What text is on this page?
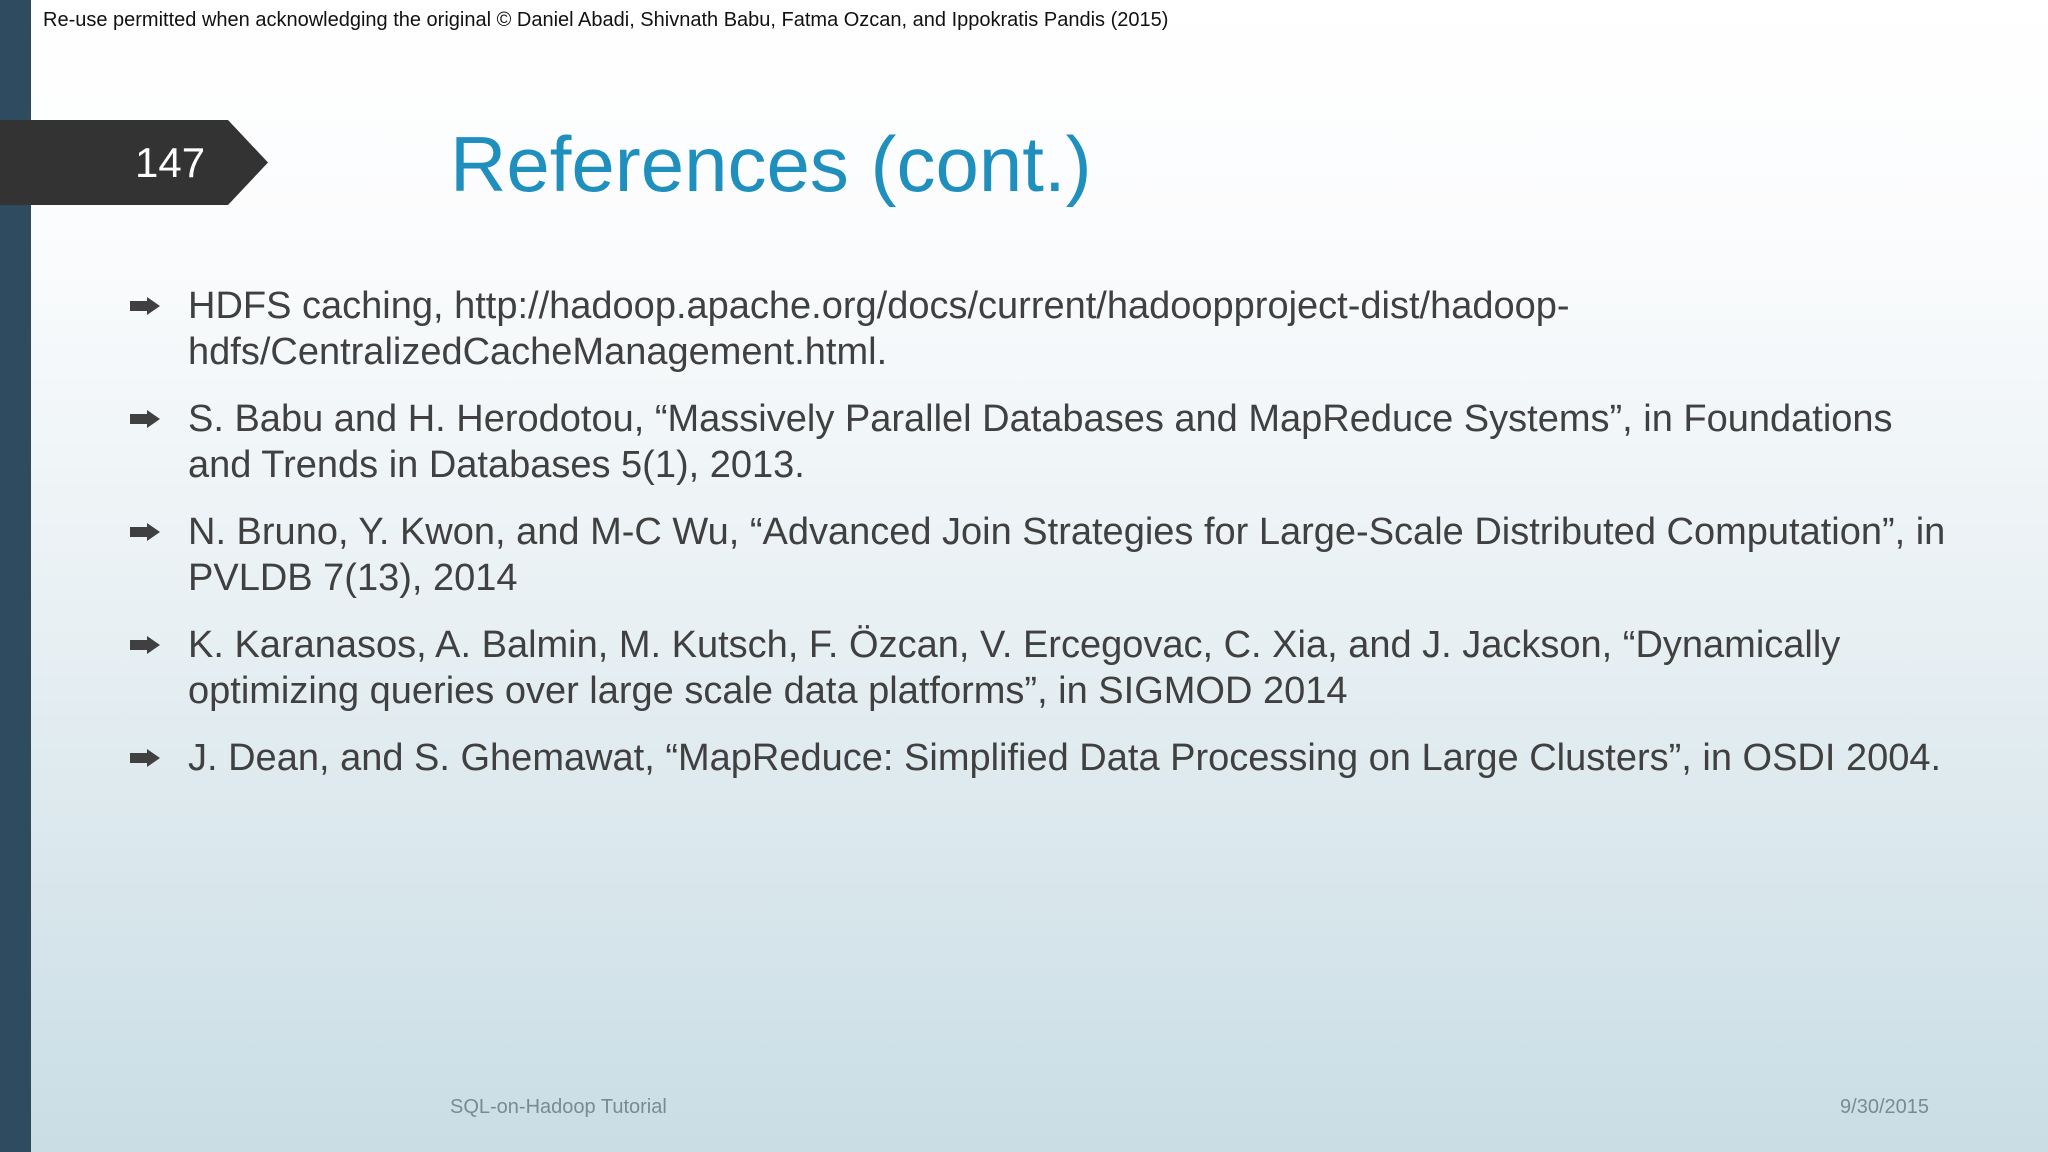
Re-use permitted when acknowledging the original © Daniel Abadi, Shivnath Babu, Fatma Ozcan, and Ippokratis Pandis (2015)
147	References (cont.)
HDFS caching, http://hadoop.apache.org/docs/current/hadoopproject-dist/hadoop-hdfs/CentralizedCacheManagement.html.
S. Babu and H. Herodotou, “Massively Parallel Databases and MapReduce Systems”, in Foundations and Trends in Databases 5(1), 2013.
N. Bruno, Y. Kwon, and M-C Wu, “Advanced Join Strategies for Large-Scale Distributed Computation”, in PVLDB 7(13), 2014
K. Karanasos, A. Balmin, M. Kutsch, F. Özcan, V. Ercegovac, C. Xia, and J. Jackson, “Dynamically optimizing queries over large scale data platforms”, in SIGMOD 2014
J. Dean, and S. Ghemawat, “MapReduce: Simplified Data Processing on Large Clusters”, in OSDI 2004.
SQL-on-Hadoop Tutorial	9/30/2015
